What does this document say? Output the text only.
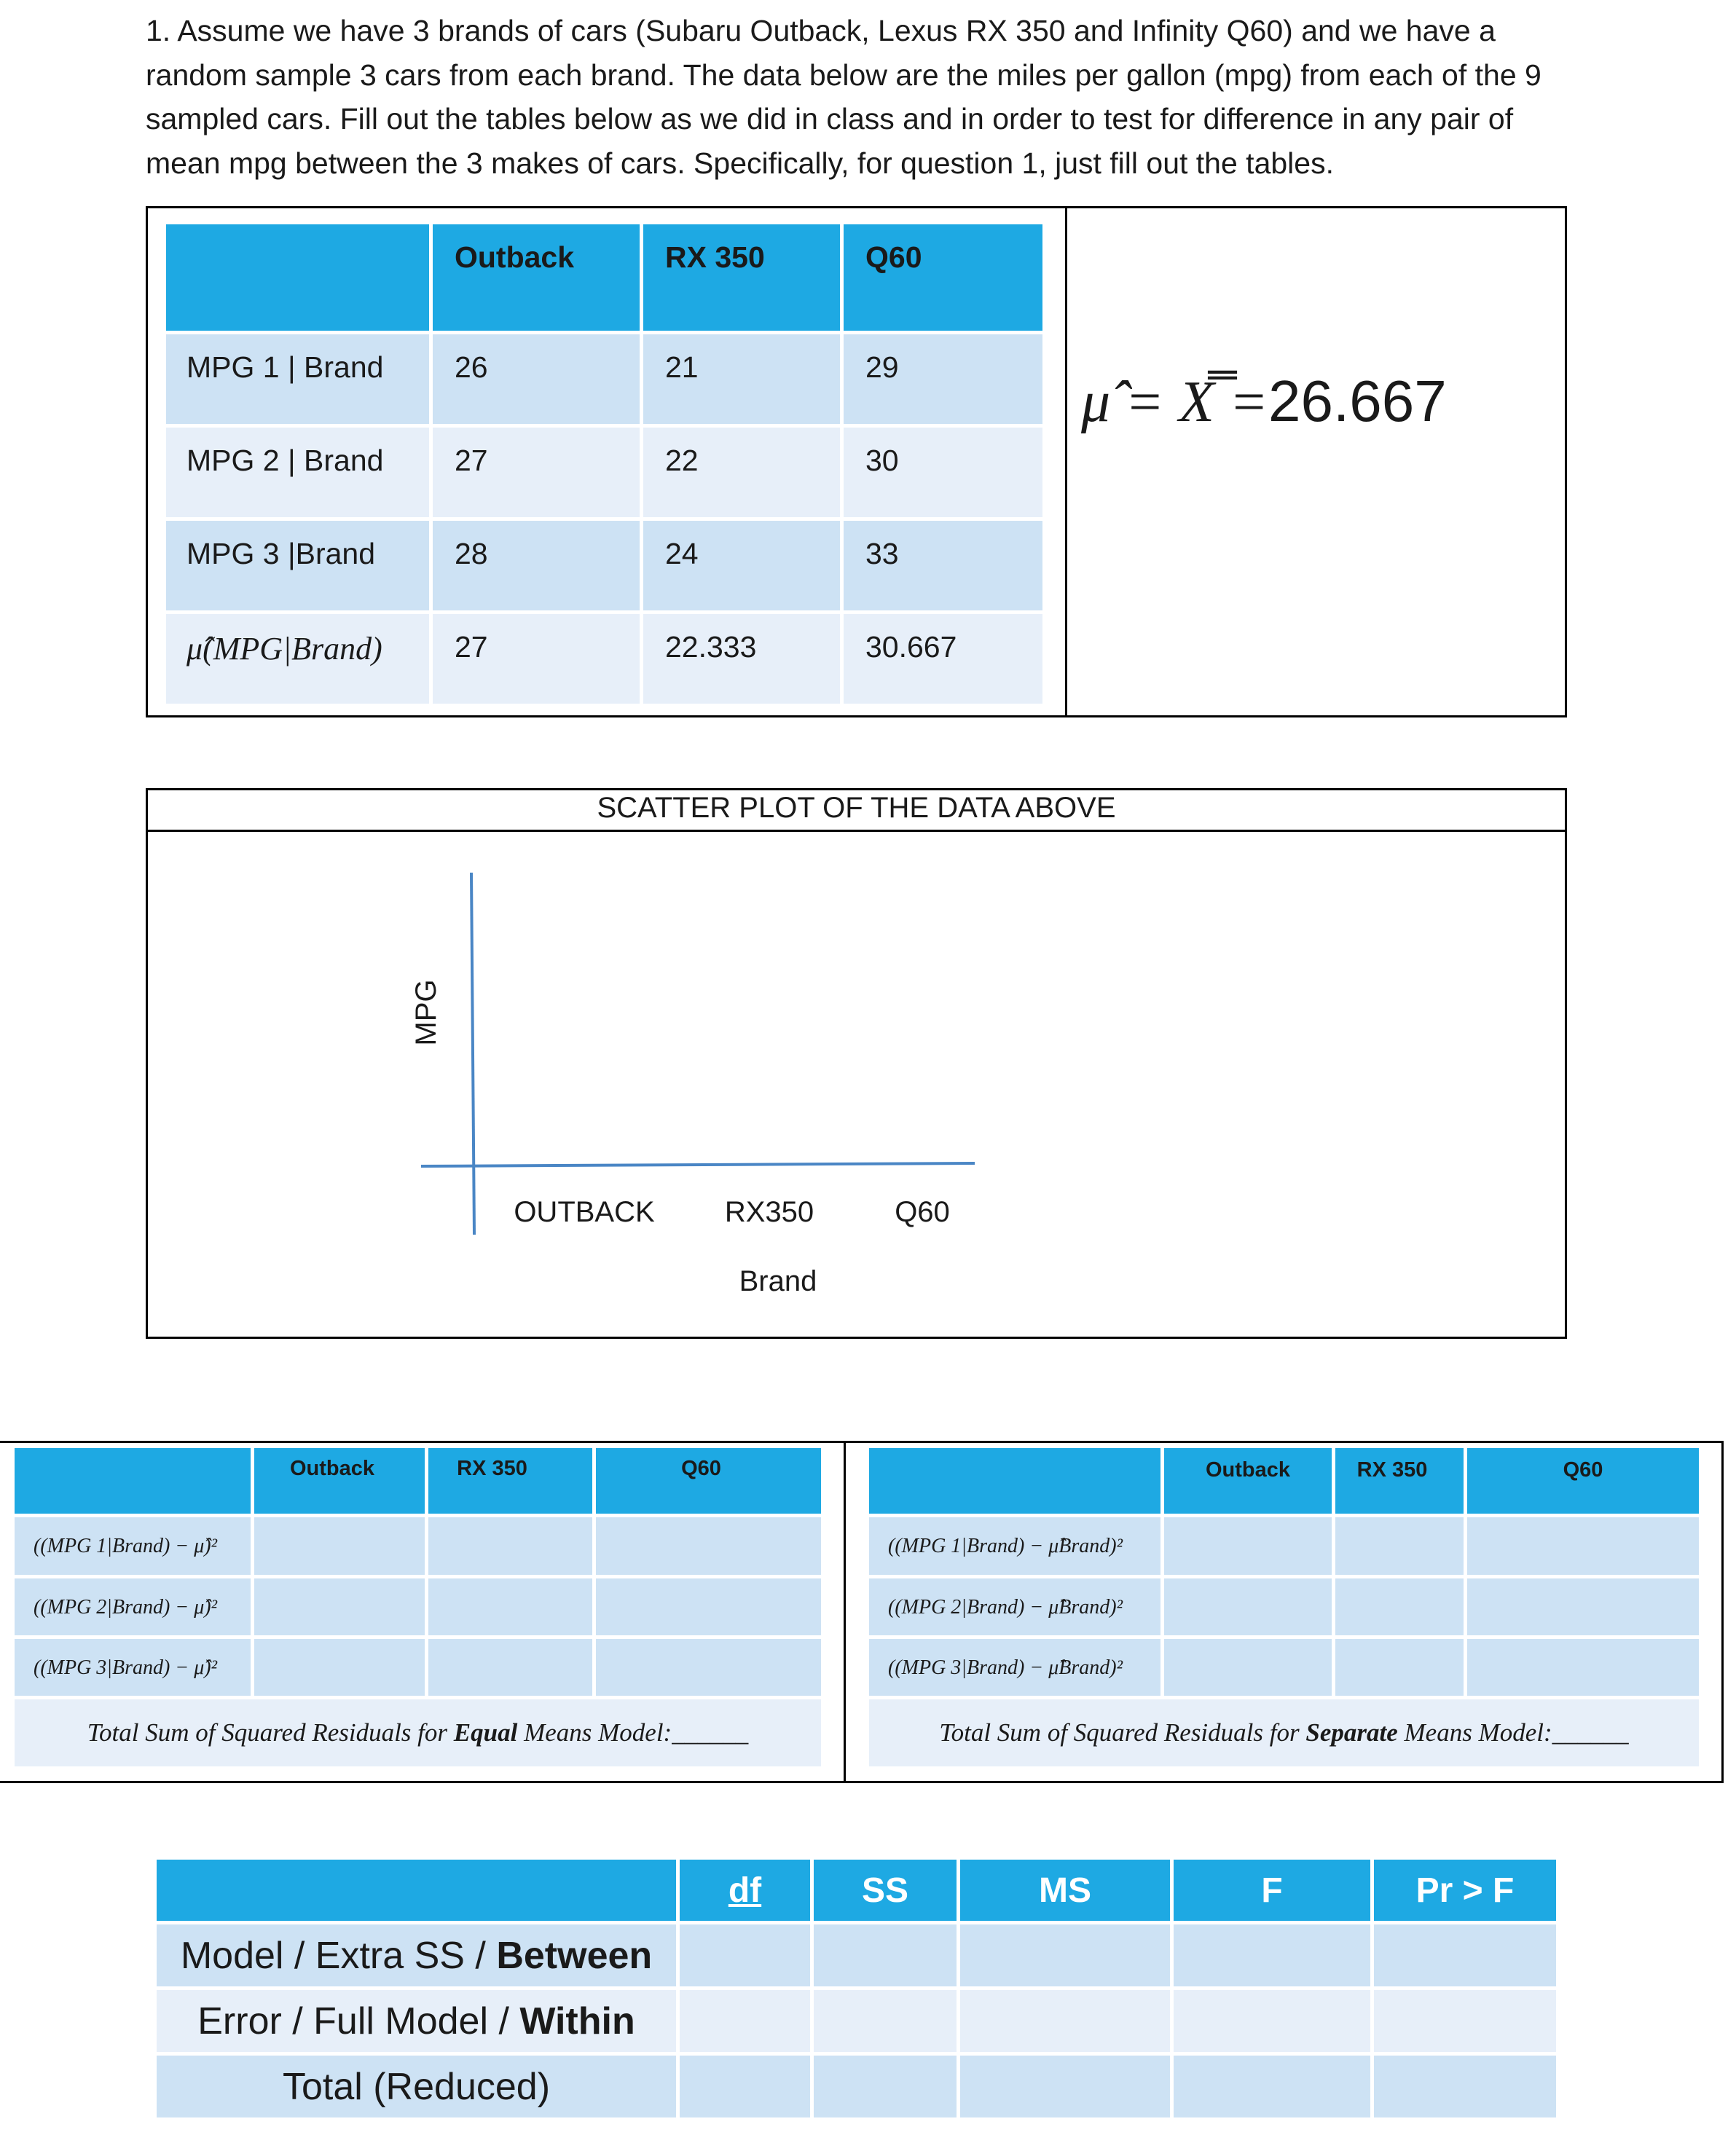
1. Assume we have 3 brands of cars (Subaru Outback, Lexus RX 350 and Infinity Q60) and we have a random sample 3 cars from each brand. The data below are the miles per gallon (mpg) from each of the 9 sampled cars. Fill out the tables below as we did in class and in order to test for difference in any pair of mean mpg between the 3 makes of cars. Specifically, for question 1, just fill out the tables.
	Outback	RX 350	Q60
MPG 1 | Brand	26	21	29
MPG 2 | Brand	27	22	30
MPG 3 |Brand	28	24	33
μ̂(MPG|Brand)	27	22.333	30.667
μ̂ = X̿ =26.667
SCATTER PLOT OF THE DATA ABOVE
MPG
OUTBACK RX350	Q60
Brand
	Outback	RX 350	Q60
((MPG 1|Brand) − μ̂)²			
((MPG 2|Brand) − μ̂)²			
((MPG 3|Brand) − μ̂)²			
Total Sum of Squared Residuals for Equal Means Model:______			
	Outback	RX 350	Q60
((MPG 1|Brand) − μ̂Brand)²			
((MPG 2|Brand) − μ̂Brand)²			
((MPG 3|Brand) − μ̂Brand)²			
Total Sum of Squared Residuals for Separate Means Model:______			
	df	SS	MS	F	Pr > F
Model / Extra SS / Between					
Error / Full Model / Within					
Total (Reduced)					
